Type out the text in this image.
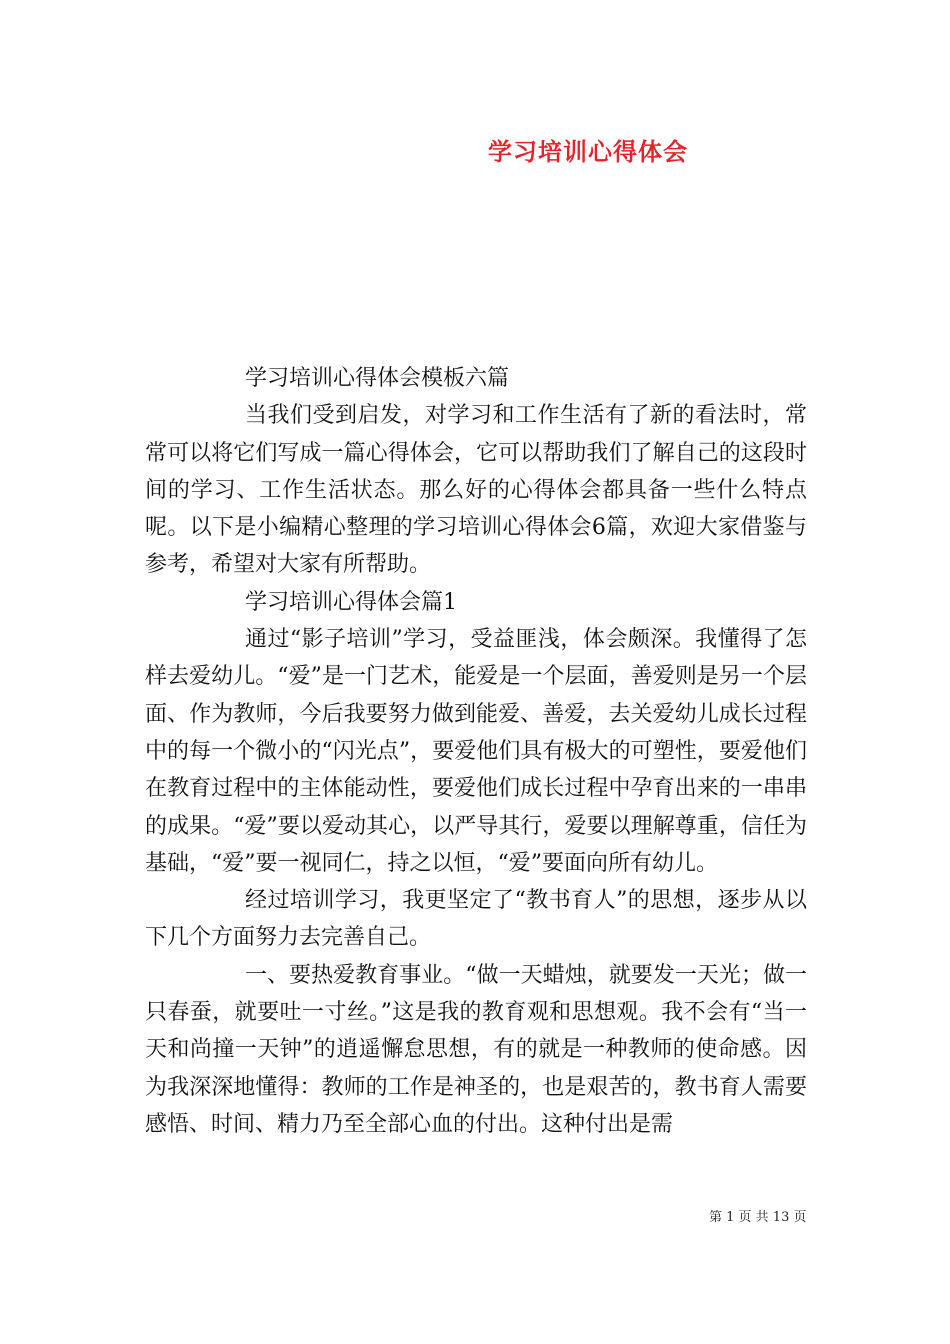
学习培训心得体会

学习培训心得体会模板六篇

当我们受到启发，对学习和工作生活有了新的看法时，常常可以将它们写成一篇心得体会，它可以帮助我们了解自己的这段时间的学习、工作生活状态。那么好的心得体会都具备一些什么特点呢。以下是小编精心整理的学习培训心得体会6篇，欢迎大家借鉴与参考，希望对大家有所帮助。

学习培训心得体会篇1

通过“影子培训”学习，受益匪浅，体会颇深。我懂得了怎样去爱幼儿。“爱”是一门艺术，能爱是一个层面，善爱则是另一个层面、作为教师，今后我要努力做到能爱、善爱，去关爱幼儿成长过程中的每一个微小的“闪光点”，要爱他们具有极大的可塑性，要爱他们在教育过程中的主体能动性，要爱他们成长过程中孕育出来的一串串的成果。“爱”要以爱动其心，以严导其行，爱要以理解尊重，信任为基础，“爱”要一视同仁，持之以恒，“爱”要面向所有幼儿。

经过培训学习，我更坚定了“教书育人”的思想，逐步从以下几个方面努力去完善自己。

一、要热爱教育事业。“做一天蜡烛，就要发一天光；做一只春蚕，就要吐一寸丝。”这是我的教育观和思想观。我不会有“当一天和尚撞一天钟”的逍遥懈怠思想，有的就是一种教师的使命感。因为我深深地懂得：教师的工作是神圣的，也是艰苦的，教书育人需要感悟、时间、精力乃至全部心血的付出。这种付出是需

第 1 页 共 13 页
